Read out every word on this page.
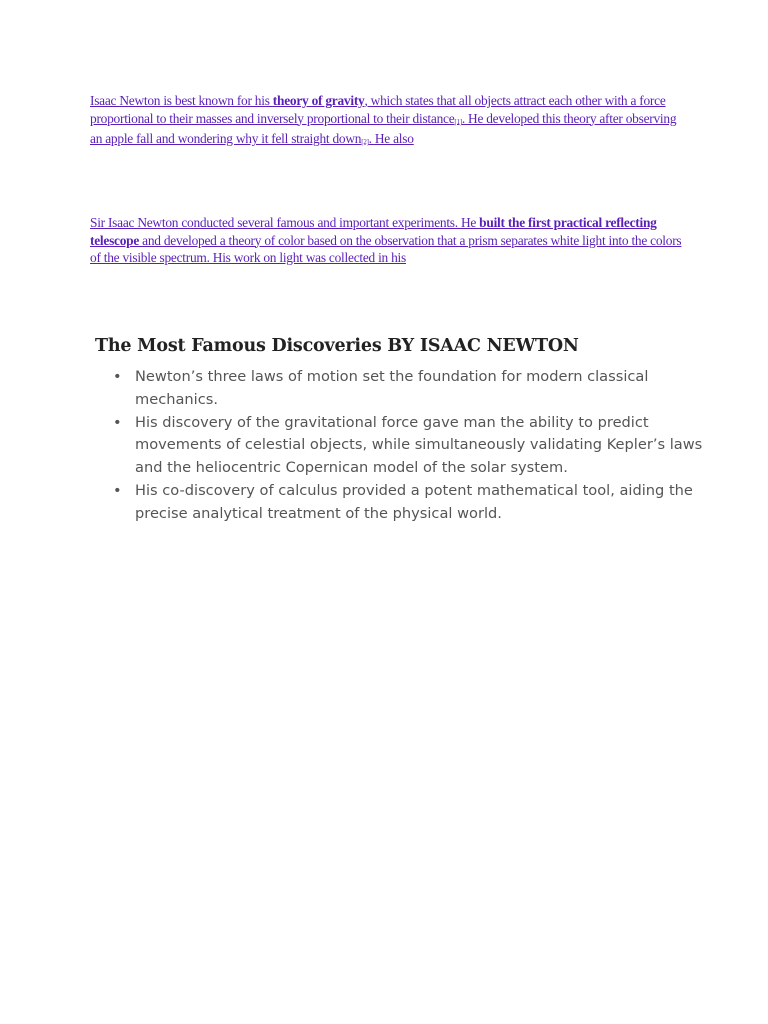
Isaac Newton is best known for his theory of gravity, which states that all objects attract each other with a force proportional to their masses and inversely proportional to their distance[1]. He developed this theory after observing an apple fall and wondering why it fell straight down[2]. He also
Sir Isaac Newton conducted several famous and important experiments. He built the first practical reflecting telescope and developed a theory of color based on the observation that a prism separates white light into the colors of the visible spectrum. His work on light was collected in his
The Most Famous Discoveries BY ISAAC NEWTON
• Newton’s three laws of motion set the foundation for modern classical mechanics.
• His discovery of the gravitational force gave man the ability to predict movements of celestial objects, while simultaneously validating Kepler’s laws and the heliocentric Copernican model of the solar system.
• His co-discovery of calculus provided a potent mathematical tool, aiding the precise analytical treatment of the physical world.
